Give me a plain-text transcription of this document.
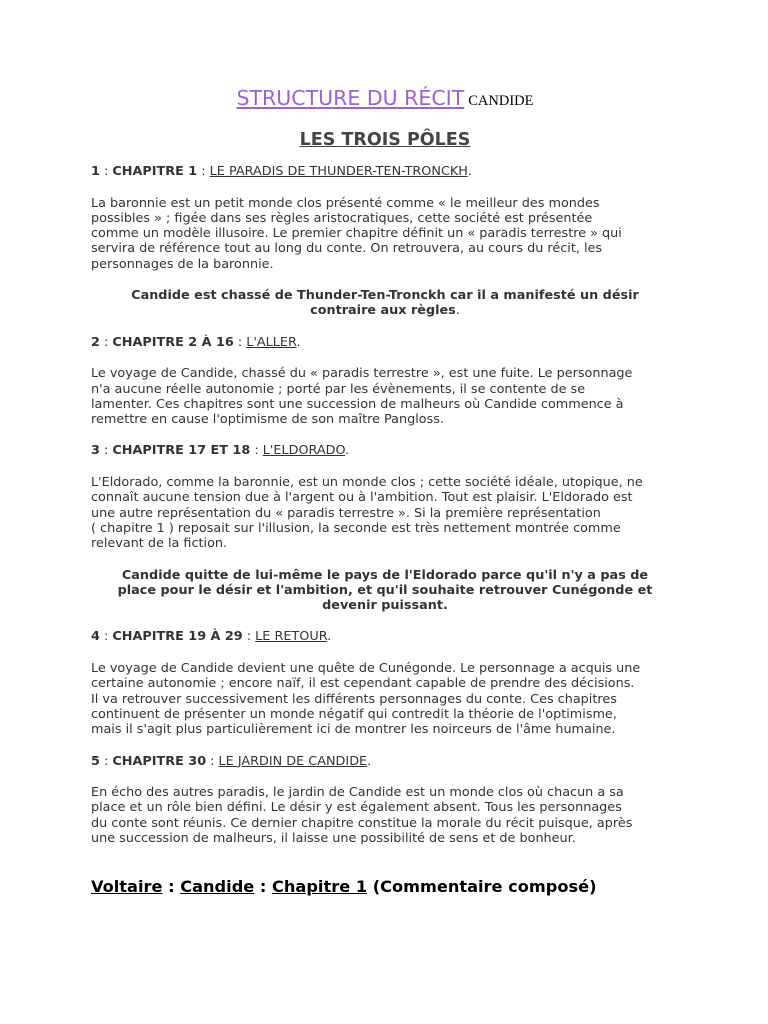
STRUCTURE DU RÉCIT CANDIDE

LES TROIS PÔLES

1 : CHAPITRE 1 : LE PARADIS DE THUNDER-TEN-TRONCKH.

La baronnie est un petit monde clos présenté comme « le meilleur des mondes
possibles » ; figée dans ses règles aristocratiques, cette société est présentée
comme un modèle illusoire. Le premier chapitre définit un « paradis terrestre » qui
servira de référence tout au long du conte. On retrouvera, au cours du récit, les
personnages de la baronnie.
Candide est chassé de Thunder-Ten-Tronckh car il a manifesté un désir
contraire aux règles.

2 : CHAPITRE 2 À 16 : L'ALLER.

Le voyage de Candide, chassé du « paradis terrestre », est une fuite. Le personnage
n'a aucune réelle autonomie ; porté par les évènements, il se contente de se
lamenter. Ces chapitres sont une succession de malheurs où Candide commence à
remettre en cause l'optimisme de son maître Pangloss.

3 : CHAPITRE 17 ET 18 : L'ELDORADO.

L'Eldorado, comme la baronnie, est un monde clos ; cette société idéale, utopique, ne
connaît aucune tension due à l'argent ou à l'ambition. Tout est plaisir. L'Eldorado est
une autre représentation du « paradis terrestre ». Si la première représentation
( chapitre 1 ) reposait sur l'illusion, la seconde est très nettement montrée comme
relevant de la fiction.
Candide quitte de lui-même le pays de l'Eldorado parce qu'il n'y a pas de
place pour le désir et l'ambition, et qu'il souhaite retrouver Cunégonde et
devenir puissant.

4 : CHAPITRE 19 À 29 : LE RETOUR.

Le voyage de Candide devient une quête de Cunégonde. Le personnage a acquis une
certaine autonomie ; encore naïf, il est cependant capable de prendre des décisions.
Il va retrouver successivement les différents personnages du conte. Ces chapitres
continuent de présenter un monde négatif qui contredit la théorie de l'optimisme,
mais il s'agit plus particulièrement ici de montrer les noirceurs de l'âme humaine.

5 : CHAPITRE 30 : LE JARDIN DE CANDIDE.

En écho des autres paradis, le jardin de Candide est un monde clos où chacun a sa
place et un rôle bien défini. Le désir y est également absent. Tous les personnages
du conte sont réunis. Ce dernier chapitre constitue la morale du récit puisque, après
une succession de malheurs, il laisse une possibilité de sens et de bonheur.

Voltaire : Candide : Chapitre 1 (Commentaire composé)
